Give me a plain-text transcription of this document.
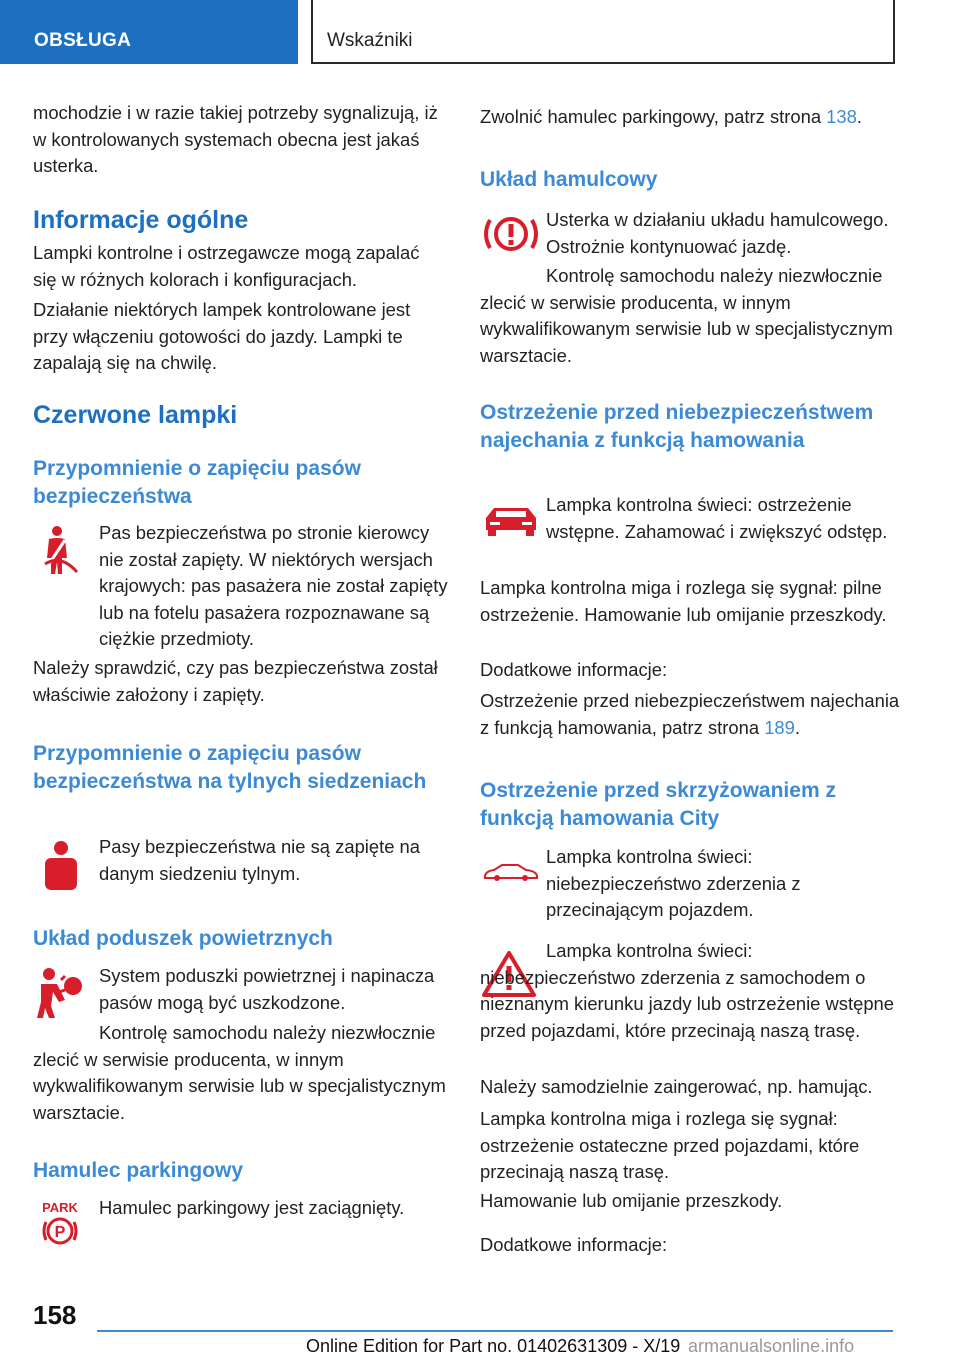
OBSŁUGA	Wskaźniki
mochodzie i w razie takiej potrzeby sygnalizują, iż w kontrolowanych systemach obecna jest jakaś usterka.
Informacje ogólne
Lampki kontrolne i ostrzegawcze mogą zapalać się w różnych kolorach i konfiguracjach.
Działanie niektórych lampek kontrolowane jest przy włączeniu gotowości do jazdy. Lampki te zapalają się na chwilę.
Czerwone lampki
Przypomnienie o zapięciu pasów bezpieczeństwa
Pas bezpieczeństwa po stronie kierowcy nie został zapięty. W niektórych wersjach krajowych: pas pasażera nie został zapięty lub na fotelu pasażera rozpoznawane są ciężkie przedmioty.
Należy sprawdzić, czy pas bezpieczeństwa został właściwie założony i zapięty.
Przypomnienie o zapięciu pasów bezpieczeństwa na tylnych siedzeniach
Pasy bezpieczeństwa nie są zapięte na danym siedzeniu tylnym.
Układ poduszek powietrznych
System poduszki powietrznej i napinacza pasów mogą być uszkodzone.
Kontrolę samochodu należy niezwłocznie zlecić w serwisie producenta, w innym wykwalifikowanym serwisie lub w specjalistycznym warsztacie.
Hamulec parkingowy
PARK
P
Hamulec parkingowy jest zaciągnięty.
Zwolnić hamulec parkingowy, patrz strona 138.
Układ hamulcowy
Usterka w działaniu układu hamulcowego. Ostrożnie kontynuować jazdę.
Kontrolę samochodu należy niezwłocznie zlecić w serwisie producenta, w innym wykwalifikowanym serwisie lub w specjalistycznym warsztacie.
Ostrzeżenie przed niebezpieczeństwem najechania z funkcją hamowania
Lampka kontrolna świeci: ostrzeżenie wstępne. Zahamować i zwiększyć odstęp.
Lampka kontrolna miga i rozlega się sygnał: pilne ostrzeżenie. Hamowanie lub omijanie przeszkody.
Dodatkowe informacje:
Ostrzeżenie przed niebezpieczeństwem najechania z funkcją hamowania, patrz strona 189.
Ostrzeżenie przed skrzyżowaniem z funkcją hamowania City
Lampka kontrolna świeci: niebezpieczeństwo zderzenia z przecinającym pojazdem.
Lampka kontrolna świeci: niebezpieczeństwo zderzenia z samochodem o nieznanym kierunku jazdy lub ostrzeżenie wstępne przed pojazdami, które przecinają naszą trasę.
Należy samodzielnie zaingerować, np. hamując.
Lampka kontrolna miga i rozlega się sygnał: ostrzeżenie ostateczne przed pojazdami, które przecinają naszą trasę.
Hamowanie lub omijanie przeszkody.
Dodatkowe informacje:
158
Online Edition for Part no. 01402631309 - X/19 armanualsonline.info
